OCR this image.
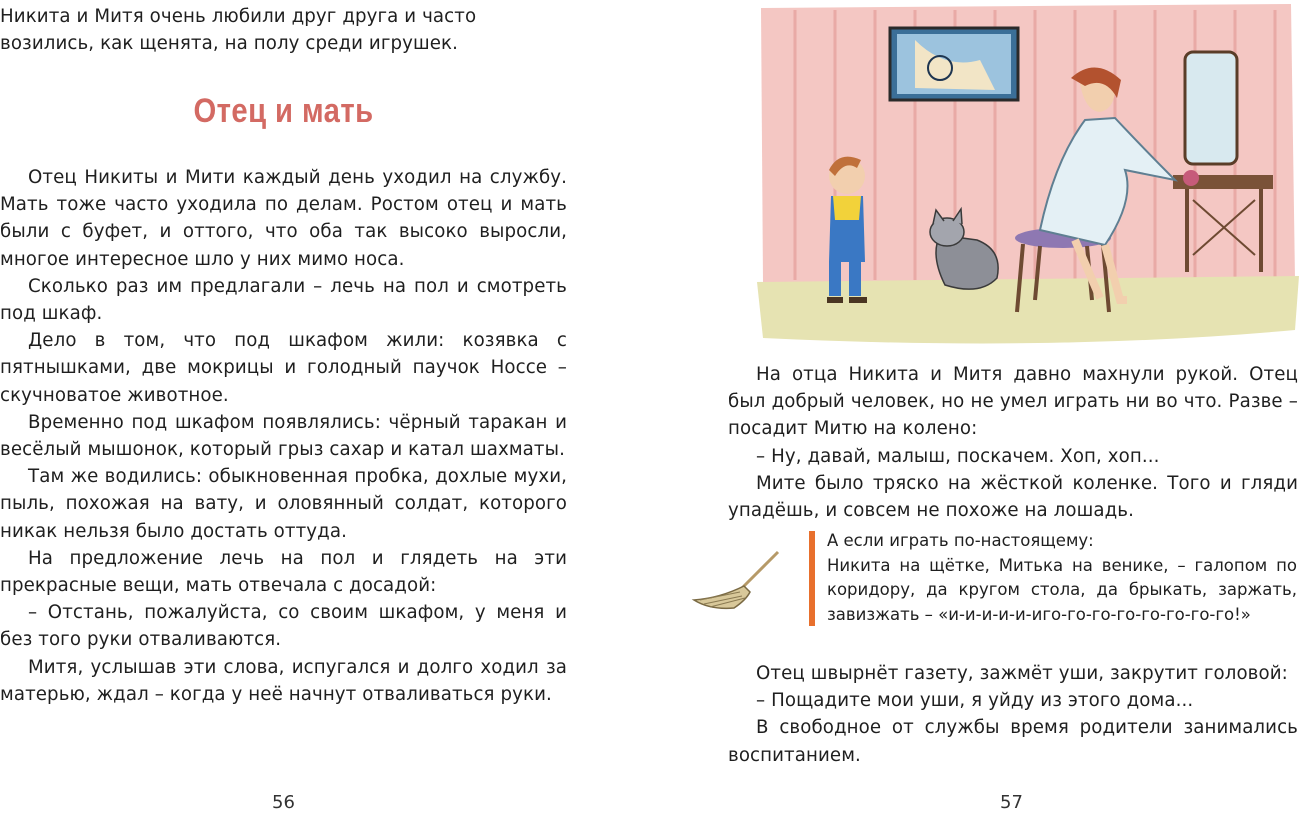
Никита и Митя очень любили друг друга и часто

возились, как щенята, на полу среди игрушек.

Отец и мать

Отец Никиты и Мити каждый день уходил на службу. Мать тоже часто уходила по делам. Ростом отец и мать были с буфет, и оттого, что оба так высоко выросли, многое интересное шло у них мимо носа.

Сколько раз им предлагали – лечь на пол и смотреть под шкаф.

Дело в том, что под шкафом жили: козявка с пятнышками, две мокрицы и голодный паучок Носсе – скучноватое животное.

Временно под шкафом появлялись: чёрный таракан и весёлый мышонок, который грыз сахар и катал шахматы.

Там же водились: обыкновенная пробка, дохлые мухи, пыль, похожая на вату, и оловянный солдат, которого никак нельзя было достать оттуда.

На предложение лечь на пол и глядеть на эти прекрасные вещи, мать отвечала с досадой:

– Отстань, пожалуйста, со своим шкафом, у меня и без того руки отваливаются.

Митя, услышав эти слова, испугался и долго ходил за матерью, ждал – когда у неё начнут отваливаться руки.

56

На отца Никита и Митя давно махнули рукой. Отец был добрый человек, но не умел играть ни во что. Разве – посадит Митю на колено:

– Ну, давай, малыш, поскачем. Хоп, хоп...

Мите было тряско на жёсткой коленке. Того и гляди упадёшь, и совсем не похоже на лошадь.

А если играть по-настоящему:

Никита на щётке, Митька на венике, – галопом по коридору, да кругом стола, да брыкать, заржать, завизжать – «и-и-и-и-и-иго-го-го-го-го-го-го-го!»

Отец швырнёт газету, зажмёт уши, закрутит головой:

– Пощадите мои уши, я уйду из этого дома...

В свободное от службы время родители занимались воспитанием.

57
